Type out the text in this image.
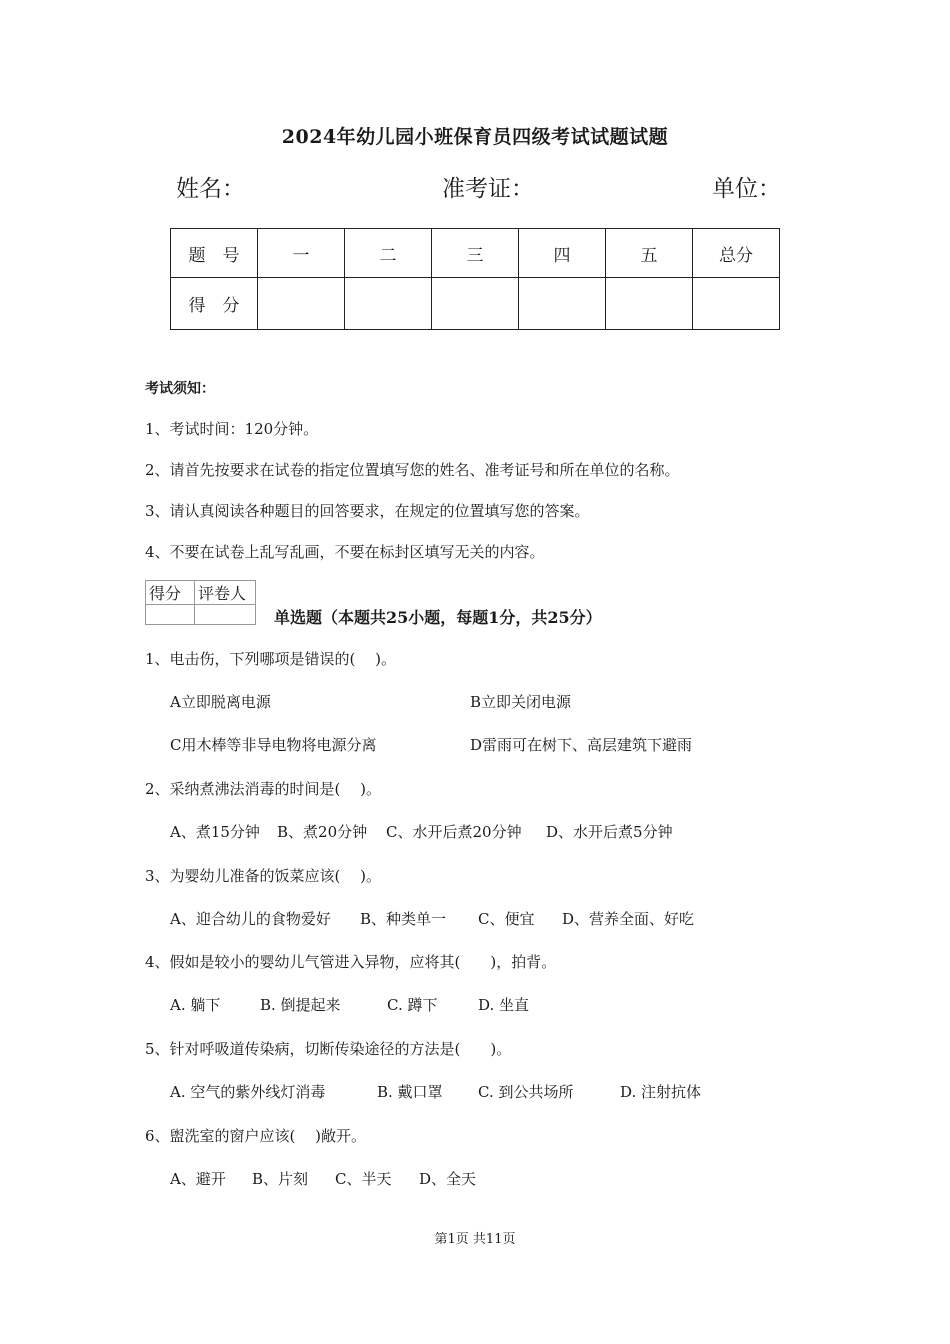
2024年幼儿园小班保育员四级考试试题试题
姓名：	准考证：	单位：
题　号	一	二	三	四	五	总分
得　分						
考试须知：
1、考试时间：120分钟。
2、请首先按要求在试卷的指定位置填写您的姓名、准考证号和所在单位的名称。
3、请认真阅读各种题目的回答要求，在规定的位置填写您的答案。
4、不要在试卷上乱写乱画，不要在标封区填写无关的内容。
得分	评卷人

单选题（本题共25小题，每题1分，共25分）
1、电击伤，下列哪项是错误的(　 )。
A立即脱离电源	B立即关闭电源
C用木棒等非导电物将电源分离	D雷雨可在树下、高层建筑下避雨
2、采纳煮沸法消毒的时间是(　 )。
A、煮15分钟 B、煮20分钟 C、水开后煮20分钟 D、水开后煮5分钟
3、为婴幼儿准备的饭菜应该(　 )。
A、迎合幼儿的食物爱好 B、种类单一 C、便宜 D、营养全面、好吃
4、假如是较小的婴幼儿气管进入异物，应将其(　　)，拍背。
A. 躺下	B. 倒提起来	C. 蹲下	D. 坐直
5、针对呼吸道传染病，切断传染途径的方法是(　　)。
A. 空气的紫外线灯消毒	B. 戴口罩 C. 到公共场所	D. 注射抗体
6、盥洗室的窗户应该(　 )敞开。
A、避开 B、片刻 C、半天 D、全天
第1页 共11页
